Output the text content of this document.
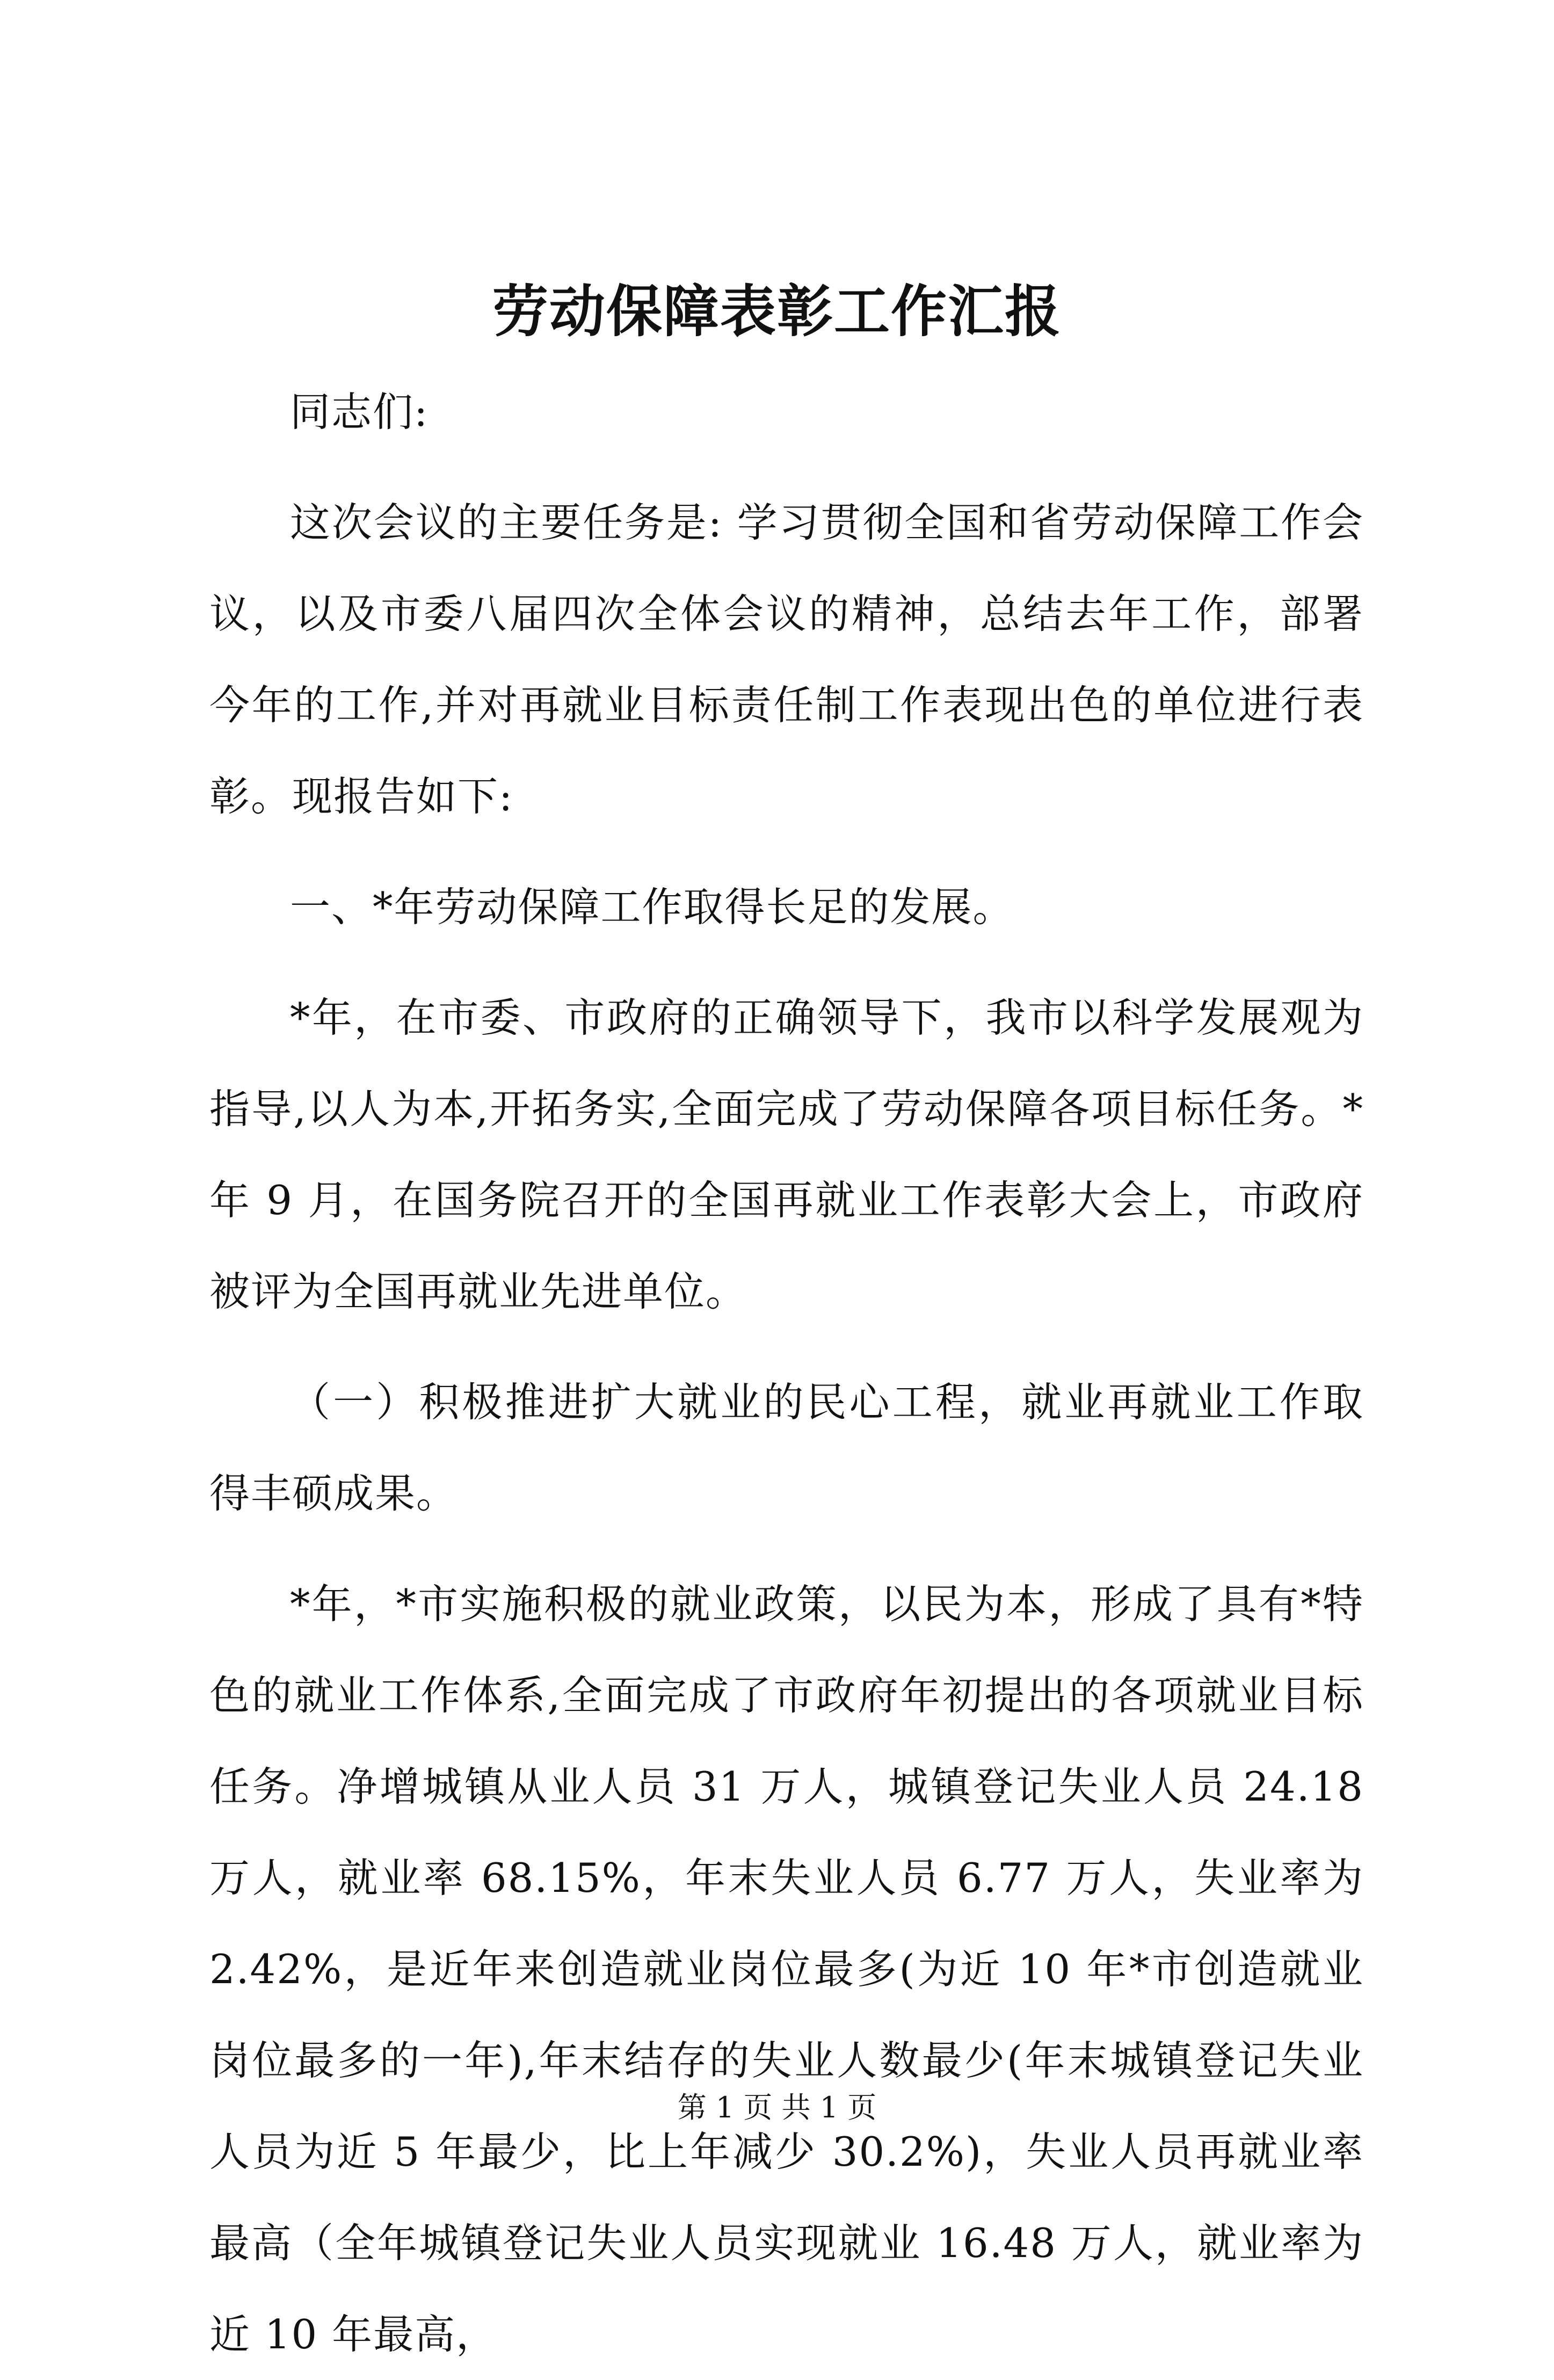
劳动保障表彰工作汇报

同志们:

这次会议的主要任务是: 学习贯彻全国和省劳动保障工作会议，以及市委八届四次全体会议的精神，总结去年工作，部署今年的工作,并对再就业目标责任制工作表现出色的单位进行表彰。现报告如下:

一、*年劳动保障工作取得长足的发展。

*年，在市委、市政府的正确领导下，我市以科学发展观为指导,以人为本,开拓务实,全面完成了劳动保障各项目标任务。*年 9 月，在国务院召开的全国再就业工作表彰大会上，市政府被评为全国再就业先进单位。

（一）积极推进扩大就业的民心工程，就业再就业工作取得丰硕成果。

*年，*市实施积极的就业政策，以民为本，形成了具有*特色的就业工作体系,全面完成了市政府年初提出的各项就业目标任务。净增城镇从业人员 31 万人，城镇登记失业人员 24.18 万人，就业率 68.15%，年末失业人员 6.77 万人，失业率为 2.42%，是近年来创造就业岗位最多(为近 10 年*市创造就业岗位最多的一年),年末结存的失业人数最少(年末城镇登记失业人员为近 5 年最少，比上年减少 30.2%)，失业人员再就业率最高（全年城镇登记失业人员实现就业 16.48 万人，就业率为近 10 年最高，

第 1 页 共 1 页
